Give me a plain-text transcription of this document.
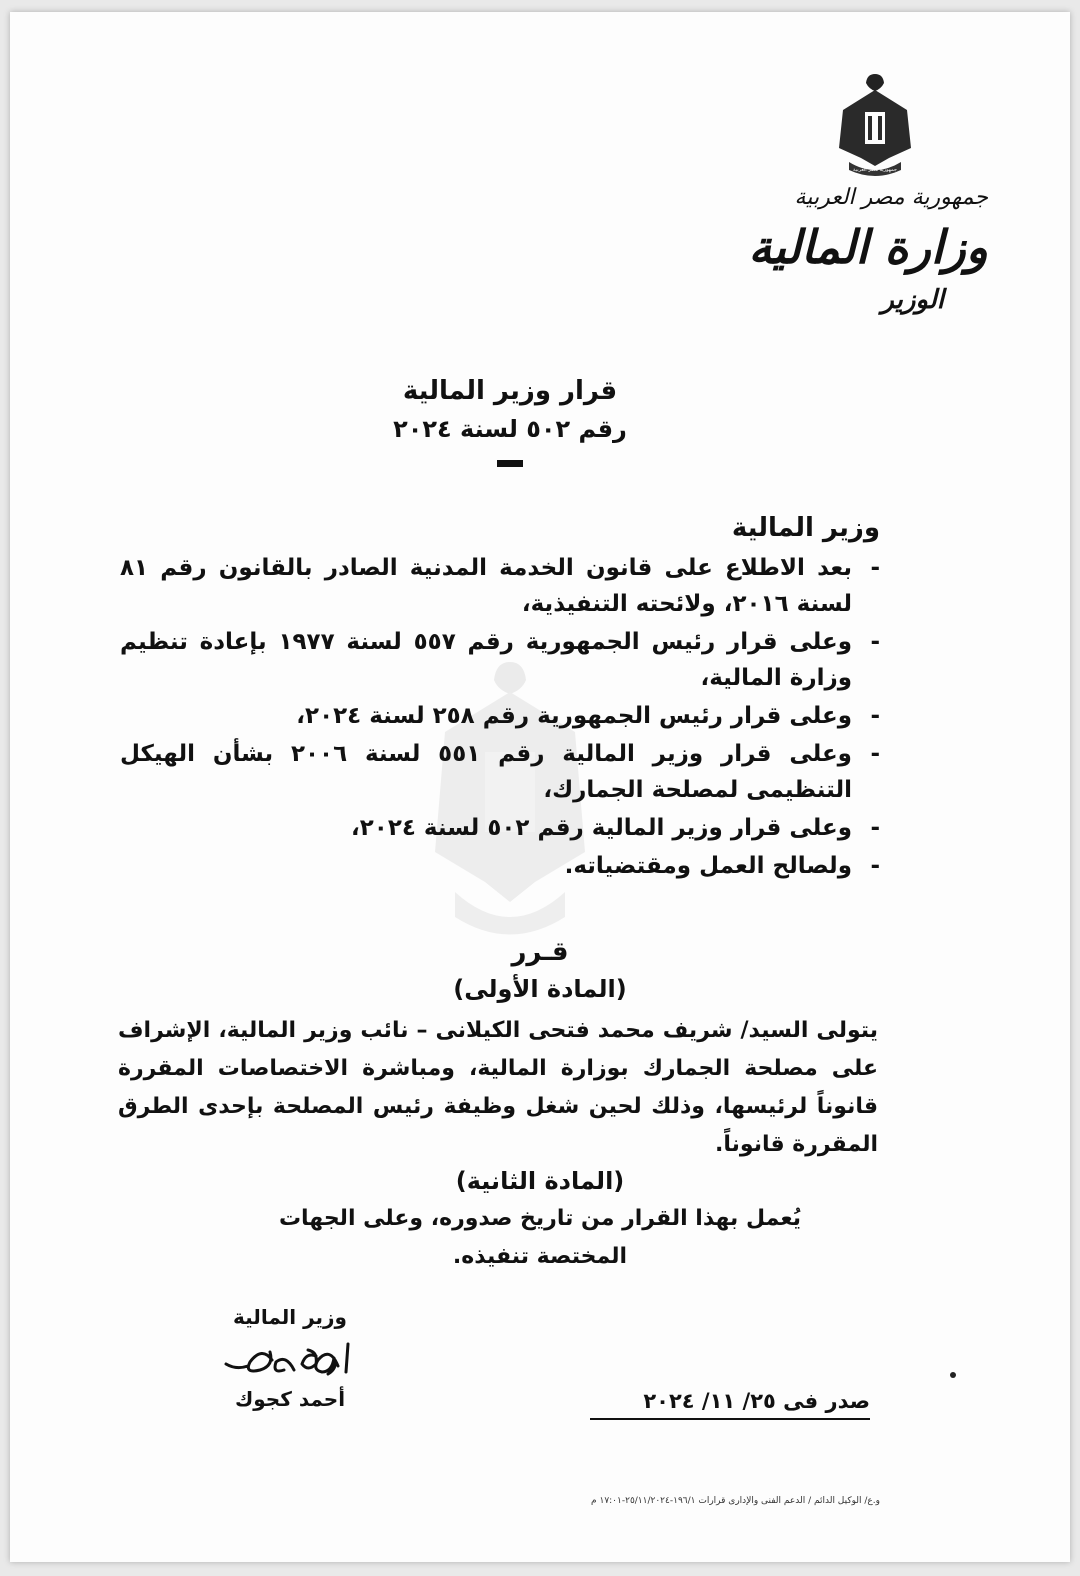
جمهورية مصر العربية
جمهورية مصر العربية
وزارة المالية
الوزير
قرار وزير المالية
رقم ٥٠٢ لسنة ٢٠٢٤
وزير المالية
- بعد الاطلاع على قانون الخدمة المدنية الصادر بالقانون رقم ٨١ لسنة ٢٠١٦، ولائحته التنفيذية،
- وعلى قرار رئيس الجمهورية رقم ٥٥٧ لسنة ١٩٧٧ بإعادة تنظيم وزارة المالية،
- وعلى قرار رئيس الجمهورية رقم ٢٥٨ لسنة ٢٠٢٤،
- وعلى قرار وزير المالية رقم ٥٥١ لسنة ٢٠٠٦ بشأن الهيكل التنظيمى لمصلحة الجمارك،
- وعلى قرار وزير المالية رقم ٥٠٢ لسنة ٢٠٢٤،
- ولصالح العمل ومقتضياته.
قـرر
(المادة الأولى)
يتولى السيد/ شريف محمد فتحى الكيلانى – نائب وزير المالية، الإشراف على مصلحة الجمارك بوزارة المالية، ومباشرة الاختصاصات المقررة قانوناً لرئيسها، وذلك لحين شغل وظيفة رئيس المصلحة بإحدى الطرق المقررة قانوناً.
(المادة الثانية)
يُعمل بهذا القرار من تاريخ صدوره، وعلى الجهات المختصة تنفيذه.
وزير المالية
أحمد كجوك	صدر فى ٢٥/ ١١/ ٢٠٢٤
و.ع/ الوكيل الدائم / الدعم الفنى والإدارى قرارات ١٩٦/١-٢٥/١١/٢٠٢٤-١٧:٠١ م
